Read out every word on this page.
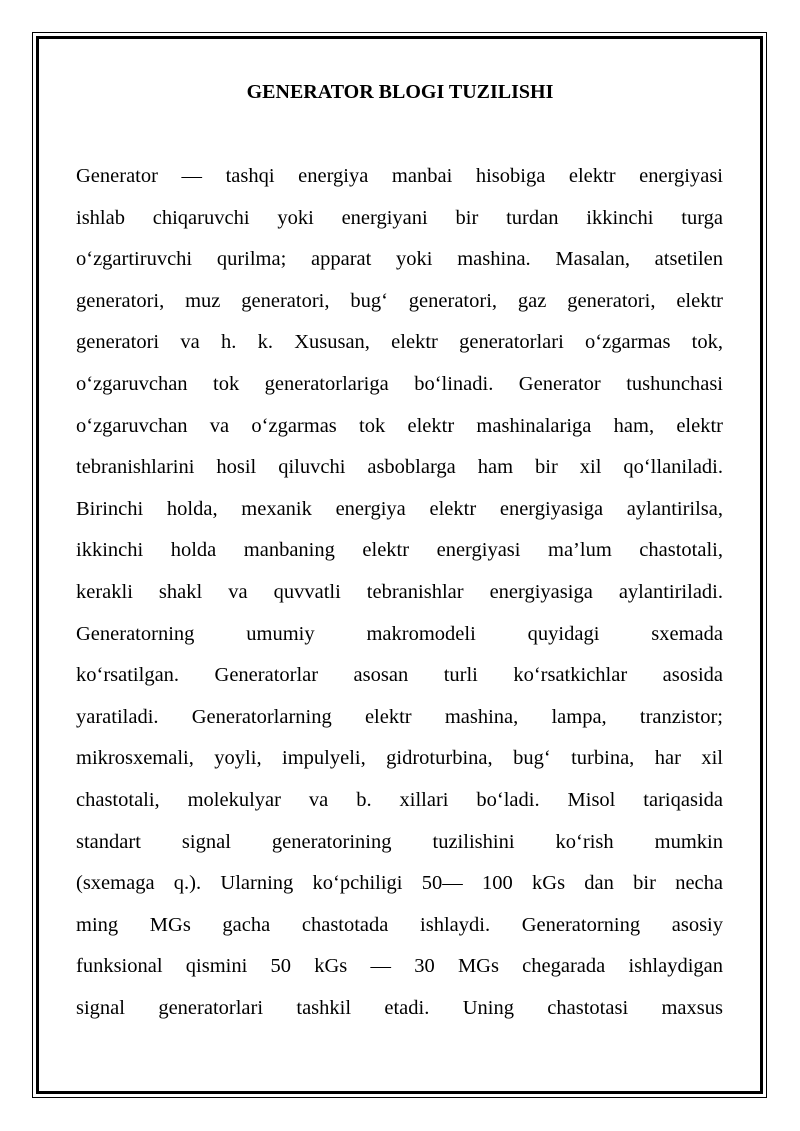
GENERATOR BLOGI TUZILISHI
Generator — tashqi energiya manbai hisobiga elektr energiyasi
ishlab chiqaruvchi yoki energiyani bir turdan ikkinchi turga
o‘zgartiruvchi qurilma; apparat yoki mashina. Masalan, atsetilen
generatori, muz generatori, bug‘ generatori, gaz generatori, elektr
generatori va h. k. Xususan, elektr generatorlari o‘zgarmas tok,
o‘zgaruvchan tok generatorlariga bo‘linadi. Generator tushunchasi
o‘zgaruvchan va o‘zgarmas tok elektr mashinalariga ham, elektr
tebranishlarini hosil qiluvchi asboblarga ham bir xil qo‘llaniladi.
Birinchi holda, mexanik energiya elektr energiyasiga aylantirilsa,
ikkinchi holda manbaning elektr energiyasi ma’lum chastotali,
kerakli shakl va quvvatli tebranishlar energiyasiga aylantiriladi.
Generatorning umumiy makromodeli quyidagi sxemada
ko‘rsatilgan. Generatorlar asosan turli ko‘rsatkichlar asosida
yaratiladi. Generatorlarning elektr mashina, lampa, tranzistor;
mikrosxemali, yoyli, impulyeli, gidroturbina, bug‘ turbina, har xil
chastotali, molekulyar va b. xillari bo‘ladi. Misol tariqasida
standart signal generatorining tuzilishini ko‘rish mumkin
(sxemaga q.). Ularning ko‘pchiligi 50— 100 kGs dan bir necha
ming MGs gacha chastotada ishlaydi. Generatorning asosiy
funksional qismini 50 kGs — 30 MGs chegarada ishlaydigan
signal generatorlari tashkil etadi. Uning chastotasi maxsus
